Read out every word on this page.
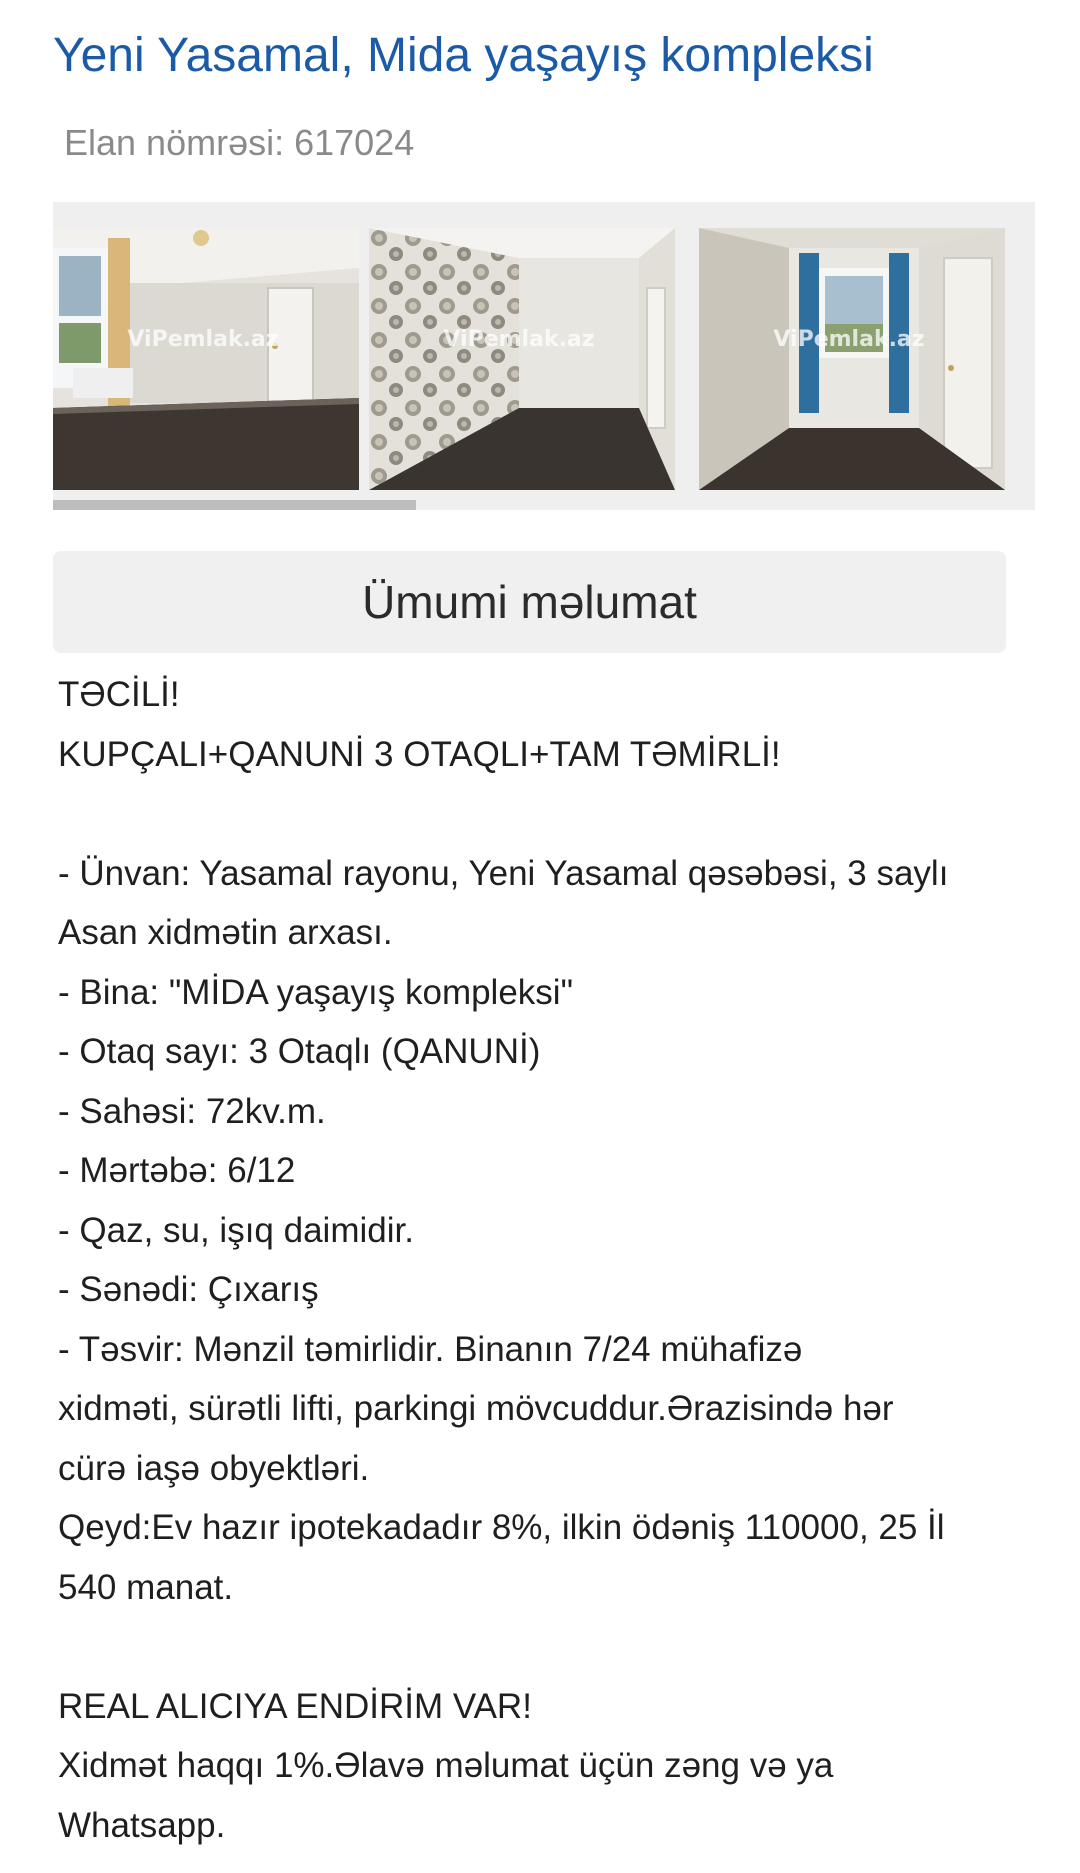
Yeni Yasamal, Mida yaşayış kompleksi
Elan nömrəsi: 617024
ViPemlak.az	ViPemlak.az	ViPemlak.az
Ümumi məlumat
TƏCİLİ!
KUPÇALI+QANUNİ 3 OTAQLI+TAM TƏMİRLİ!
- Ünvan: Yasamal rayonu, Yeni Yasamal qəsəbəsi, 3 saylı
Asan xidmətin arxası.
- Bina: "MİDA yaşayış kompleksi"
- Otaq sayı: 3 Otaqlı (QANUNİ)
- Sahəsi: 72kv.m.
- Mərtəbə: 6/12
- Qaz, su, işıq daimidir.
- Sənədi: Çıxarış
- Təsvir: Mənzil təmirlidir. Binanın 7/24 mühafizə
xidməti, sürətli lifti, parkingi mövcuddur.Ərazisində hər
cürə iaşə obyektləri.
Qeyd:Ev hazır ipotekadadır 8%, ilkin ödəniş 110000, 25 İl
540 manat.
REAL ALICIYA ENDİRİM VAR!
Xidmət haqqı 1%.Əlavə məlumat üçün zəng və ya
Whatsapp.
